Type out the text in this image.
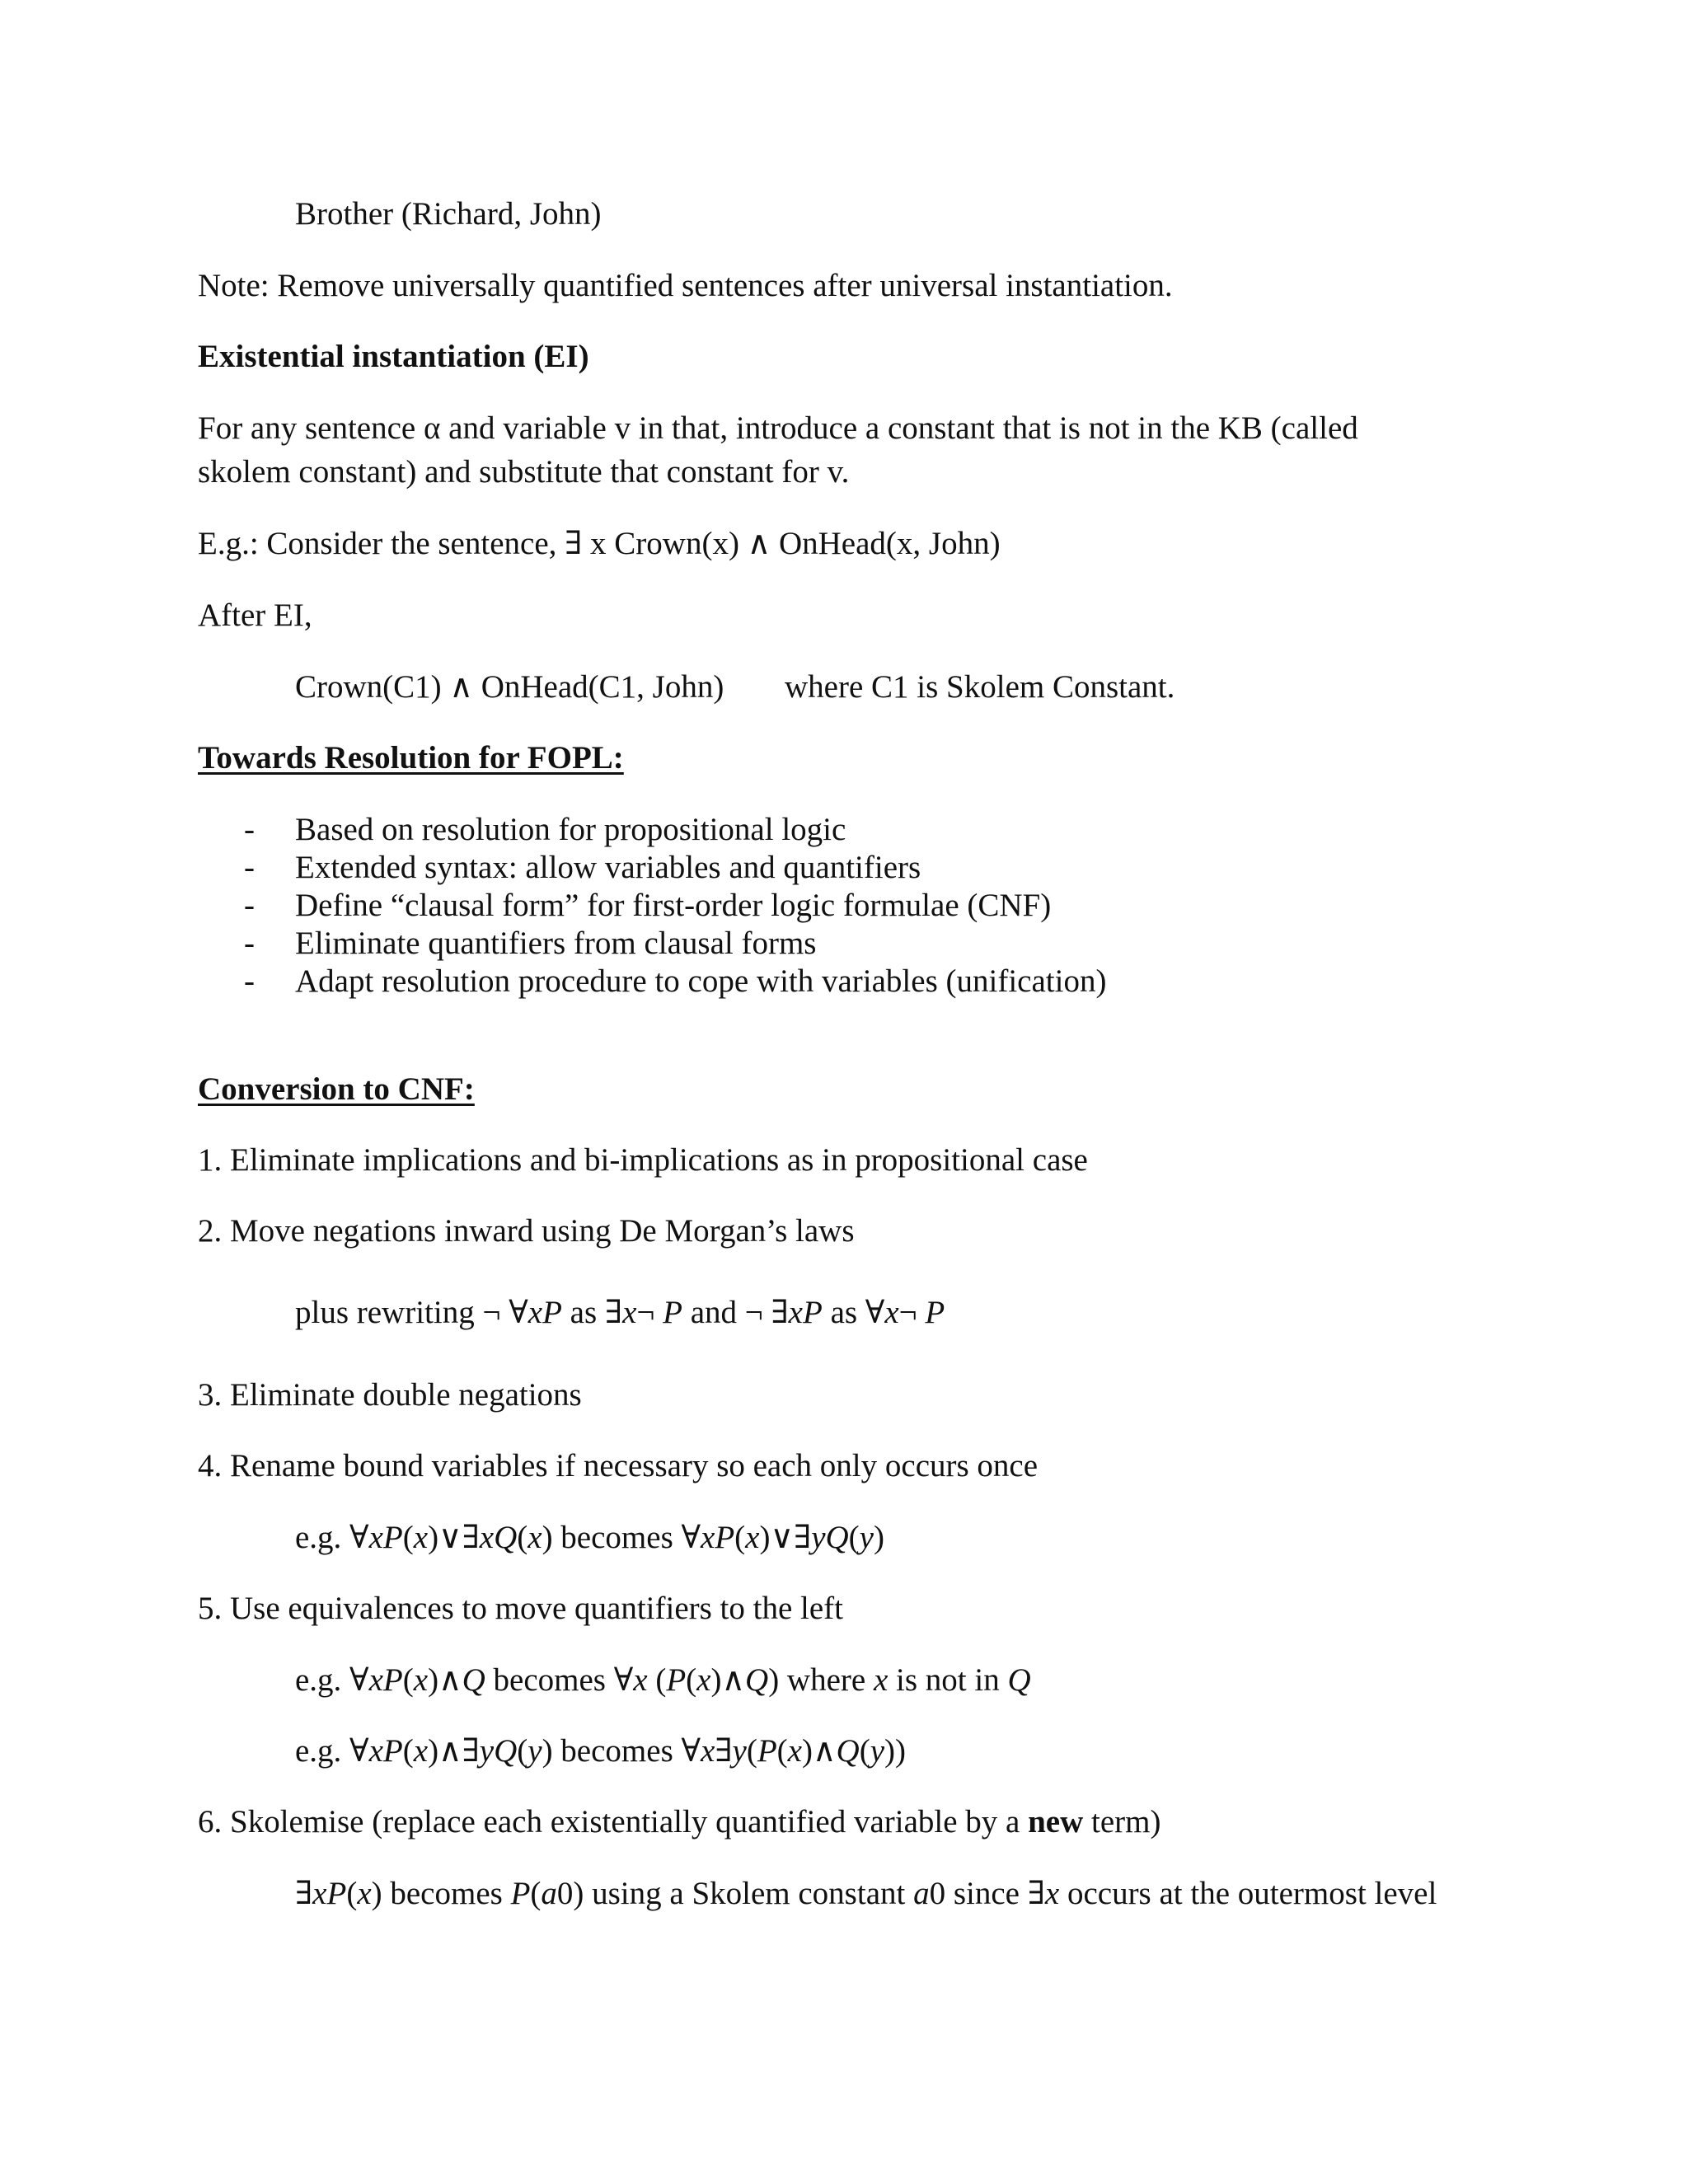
Brother (Richard, John)
Note: Remove universally quantified sentences after universal instantiation.
Existential instantiation (EI)
For any sentence α and variable v in that, introduce a constant that is not in the KB (called
skolem constant) and substitute that constant for v.
E.g.: Consider the sentence, ∃ x Crown(x) ∧ OnHead(x, John)
After EI,
Crown(C1) ∧ OnHead(C1, John) where C1 is Skolem Constant.
Towards Resolution for FOPL:
- Based on resolution for propositional logic
- Extended syntax: allow variables and quantifiers
- Define “clausal form” for first-order logic formulae (CNF)
- Eliminate quantifiers from clausal forms
- Adapt resolution procedure to cope with variables (unification)
Conversion to CNF:
1. Eliminate implications and bi-implications as in propositional case
2. Move negations inward using De Morgan’s laws
plus rewriting ¬ ∀xP as ∃x¬ P and ¬ ∃xP as ∀x¬ P
3. Eliminate double negations
4. Rename bound variables if necessary so each only occurs once
e.g. ∀xP(x)∨∃xQ(x) becomes ∀xP(x)∨∃yQ(y)
5. Use equivalences to move quantifiers to the left
e.g. ∀xP(x)∧Q becomes ∀x (P(x)∧Q) where x is not in Q
e.g. ∀xP(x)∧∃yQ(y) becomes ∀x∃y(P(x)∧Q(y))
6. Skolemise (replace each existentially quantified variable by a new term)
∃xP(x) becomes P(a0) using a Skolem constant a0 since ∃x occurs at the outermost level
